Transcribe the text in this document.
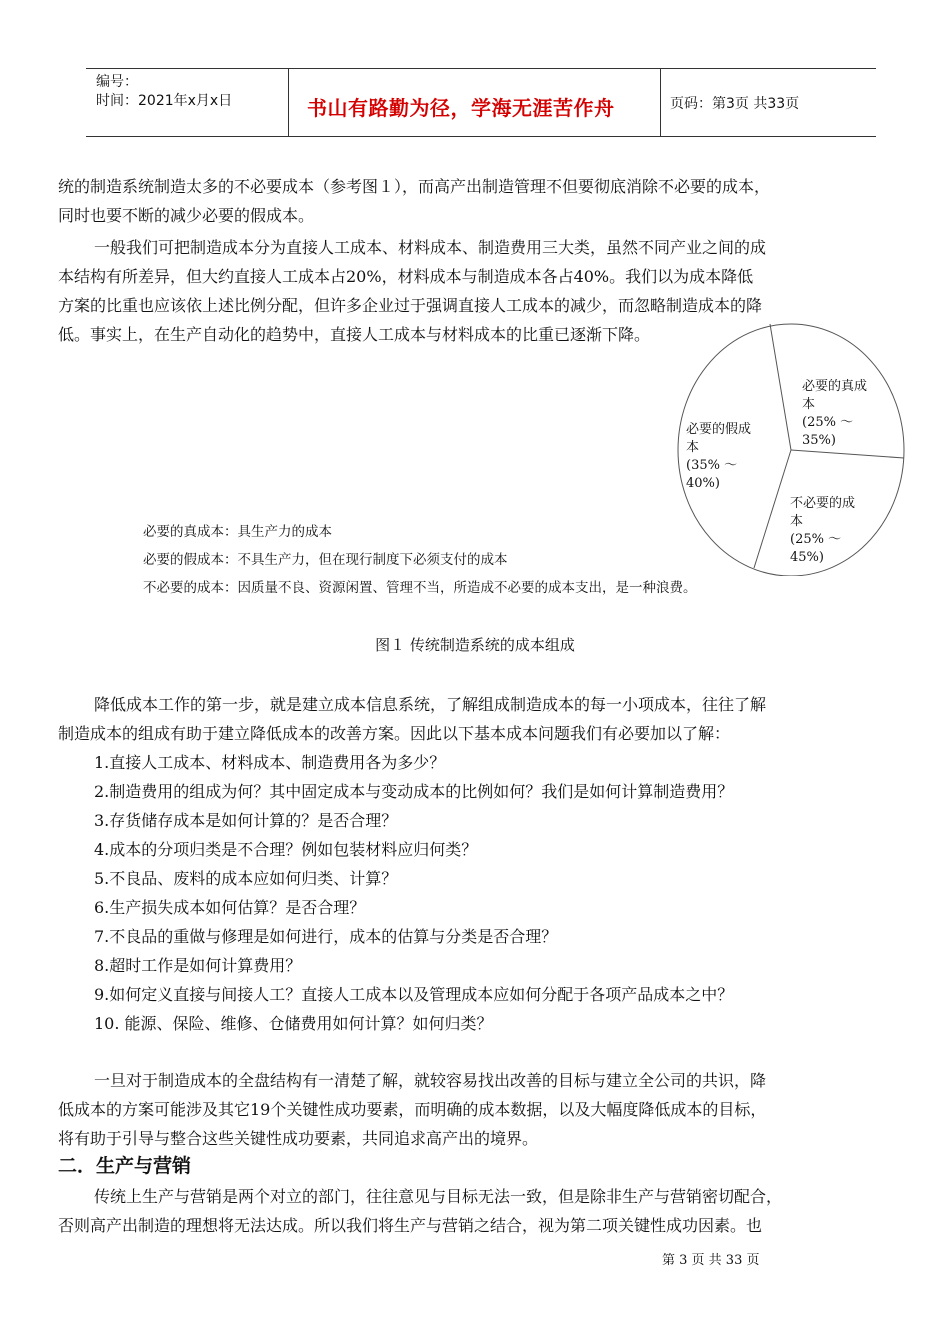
编号：
时间：2021年x月x日	书山有路勤为径，学海无涯苦作舟	页码：第3页 共33页
统的制造系统制造太多的不必要成本（参考图１），而高产出制造管理不但要彻底消除不必要的成本，
同时也要不断的减少必要的假成本。
一般我们可把制造成本分为直接人工成本、材料成本、制造费用三大类，虽然不同产业之间的成
本结构有所差异，但大约直接人工成本占20%，材料成本与制造成本各占40%。我们以为成本降低
方案的比重也应该依上述比例分配，但许多企业过于强调直接人工成本的减少，而忽略制造成本的降
低。事实上，在生产自动化的趋势中，直接人工成本与材料成本的比重已逐渐下降。
必要的真成
本
(25% ～
35%)
不必要的成
本
(25% ～
45%)
必要的假成
本
(35% ～
40%)
必要的真成本：具生产力的成本
必要的假成本：不具生产力，但在现行制度下必须支付的成本
不必要的成本：因质量不良、资源闲置、管理不当，所造成不必要的成本支出，是一种浪费。
图１ 传统制造系统的成本组成
降低成本工作的第一步，就是建立成本信息系统，了解组成制造成本的每一小项成本，往往了解
制造成本的组成有助于建立降低成本的改善方案。因此以下基本成本问题我们有必要加以了解：
1.直接人工成本、材料成本、制造费用各为多少？
2.制造费用的组成为何？其中固定成本与变动成本的比例如何？我们是如何计算制造费用？
3.存货储存成本是如何计算的？是否合理？
4.成本的分项归类是不合理？例如包装材料应归何类？
5.不良品、废料的成本应如何归类、计算？
6.生产损失成本如何估算？是否合理？
7.不良品的重做与修理是如何进行，成本的估算与分类是否合理？
8.超时工作是如何计算费用？
9.如何定义直接与间接人工？直接人工成本以及管理成本应如何分配于各项产品成本之中？
10. 能源、保险、维修、仓储费用如何计算？如何归类？
一旦对于制造成本的全盘结构有一清楚了解，就较容易找出改善的目标与建立全公司的共识，降
低成本的方案可能涉及其它19个关键性成功要素，而明确的成本数据，以及大幅度降低成本的目标，
将有助于引导与整合这些关键性成功要素，共同追求高产出的境界。
二．生产与营销
传统上生产与营销是两个对立的部门，往往意见与目标无法一致，但是除非生产与营销密切配合，
否则高产出制造的理想将无法达成。所以我们将生产与营销之结合，视为第二项关键性成功因素。也
第 3 页 共 33 页
